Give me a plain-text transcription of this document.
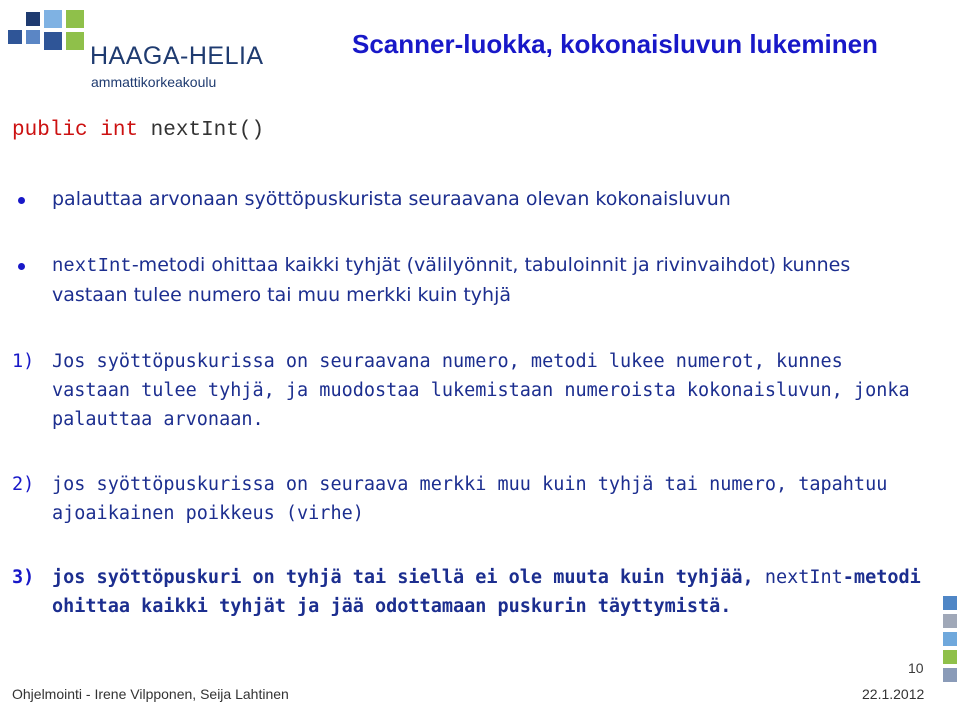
HAAGA-HELIA
ammattikorkeakoulu
Scanner-luokka, kokonaisluvun lukeminen
public int nextInt()
palauttaa arvonaan syöttöpuskurista seuraavana olevan kokonaisluvun
nextInt-metodi ohittaa kaikki tyhjät (välilyönnit, tabuloinnit ja rivinvaihdot) kunnes vastaan tulee numero tai muu merkki kuin tyhjä
1) Jos syöttöpuskurissa on seuraavana numero, metodi lukee numerot, kunnes vastaan tulee tyhjä, ja muodostaa lukemistaan numeroista kokonaisluvun, jonka palauttaa arvonaan.
2) jos syöttöpuskurissa on seuraava merkki muu kuin tyhjä tai numero, tapahtuu ajoaikainen poikkeus (virhe)
3) jos syöttöpuskuri on tyhjä tai siellä ei ole muuta kuin tyhjää, nextInt-metodi ohittaa kaikki tyhjät ja jää odottamaan puskurin täyttymistä.
10
Ohjelmointi - Irene Vilpponen, Seija Lahtinen	22.1.2012
